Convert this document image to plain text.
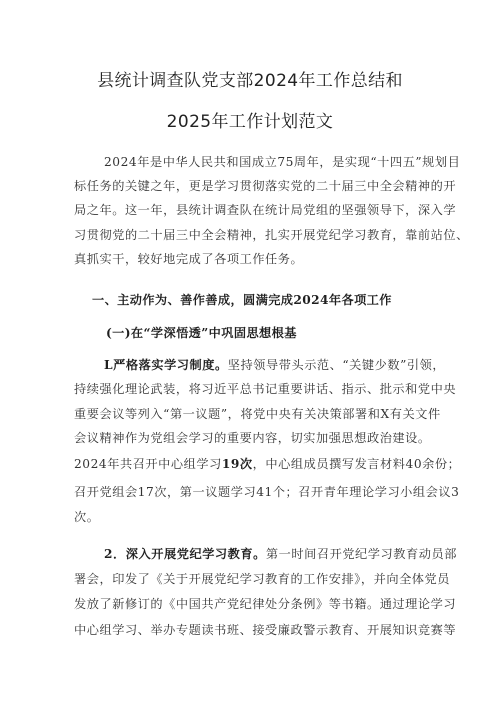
县统计调查队党支部2024年工作总结和
2025年工作计划范文
2024年是中华人民共和国成立75周年，是实现“十四五”规划目
标任务的关键之年，更是学习贯彻落实党的二十届三中全会精神的开
局之年。这一年，县统计调查队在统计局党组的坚强领导下，深入学
习贯彻党的二十届三中全会精神，扎实开展党纪学习教育，靠前站位、
真抓实干，较好地完成了各项工作任务。
一、主动作为、善作善成，圆满完成2024年各项工作
(一)在“学深悟透”中巩固思想根基
L严格落实学习制度。坚持领导带头示范、“关键少数”引领，
持续强化理论武装，将习近平总书记重要讲话、指示、批示和党中央
重要会议等列入“第一议题”，将党中央有关决策部署和X有关文件
会议精神作为党组会学习的重要内容，切实加强思想政治建设。
2024年共召开中心组学习19次，中心组成员撰写发言材料40余份；
召开党组会17次，第一议题学习41个；召开青年理论学习小组会议3
次。
2．深入开展党纪学习教育。第一时间召开党纪学习教育动员部
署会，印发了《关于开展党纪学习教育的工作安排》，并向全体党员
发放了新修订的《中国共产党纪律处分条例》等书籍。通过理论学习
中心组学习、举办专题读书班、接受廉政警示教育、开展知识竞赛等
